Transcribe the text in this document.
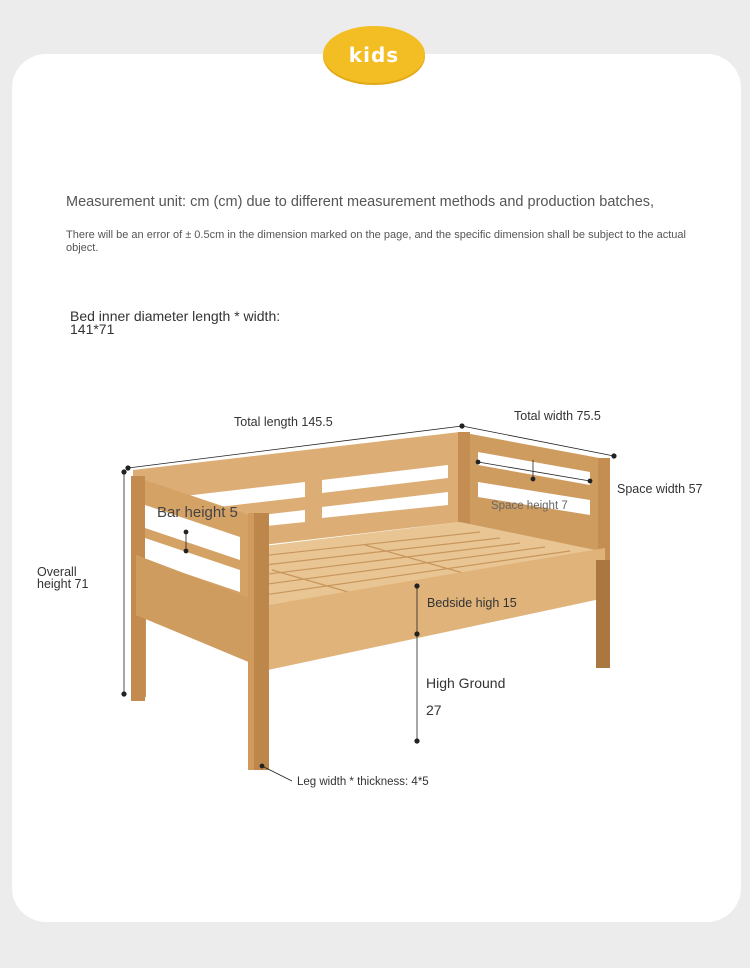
kids
Measurement unit: cm (cm) due to different measurement methods and production batches,
There will be an error of ± 0.5cm in the dimension marked on the page, and the specific dimension shall be subject to the actual object.
Bed inner diameter length * width:
141*71
Total length 145.5	Total width 75.5
Space width 57
Space height 7
Bar height 5
Overall
height 71
Bedside high 15
High Ground
27
Leg width * thickness: 4*5
